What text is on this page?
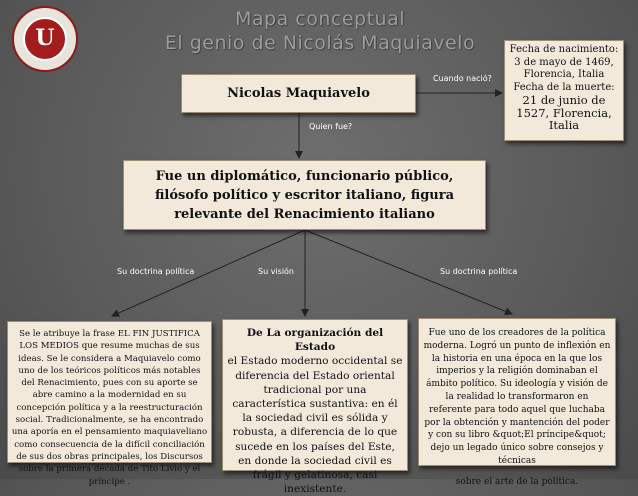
Mapa conceptual
El genio de Nicolás Maquiavelo
U
Cuando nació?
Quien fue?
Su doctrina política	Su visión	Su doctrina política
Nicolas Maquiavelo
Fecha de nacimiento: 3 de mayo de 1469, Florencia, Italia
Fecha de la muerte:
21 de junio de 1527, Florencia, Italia
Fue un diplomático, funcionario público, filósofo político y escritor italiano, figura relevante del Renacimiento italiano
Se le atribuye la frase EL FIN JUSTIFICA LOS MEDIOS que resume muchas de sus ideas. Se le considera a Maquiavelo como uno de los teóricos políticos más notables del Renacimiento, pues con su aporte se abre camino a la modernidad en su concepción política y a la reestructuración social. Tradicionalmente, se ha encontrado una aporía en el pensamiento maquiaveliano como consecuencia de la difícil conciliación de sus dos obras principales, los Discursos sobre la primera década de Tito Livio y el príncipe .
De La organización del Estado
el Estado moderno occidental se diferencia del Estado oriental tradicional por una característica sustantiva: en él la sociedad civil es sólida y robusta, a diferencia de lo que sucede en los países del Este, en donde la sociedad civil es frágil y gelatinosa, casi inexistente.
Fue uno de los creadores de la política moderna. Logró un punto de inflexión en la historia en una época en la que los imperios y la religión dominaban el ámbito político. Su ideología y visión de la realidad lo transformaron en referente para todo aquel que luchaba por la obtención y mantención del poder y con su libro &quot;El príncipe&quot; dejo un legado único sobre consejos y técnicas
sobre el arte de la política.
